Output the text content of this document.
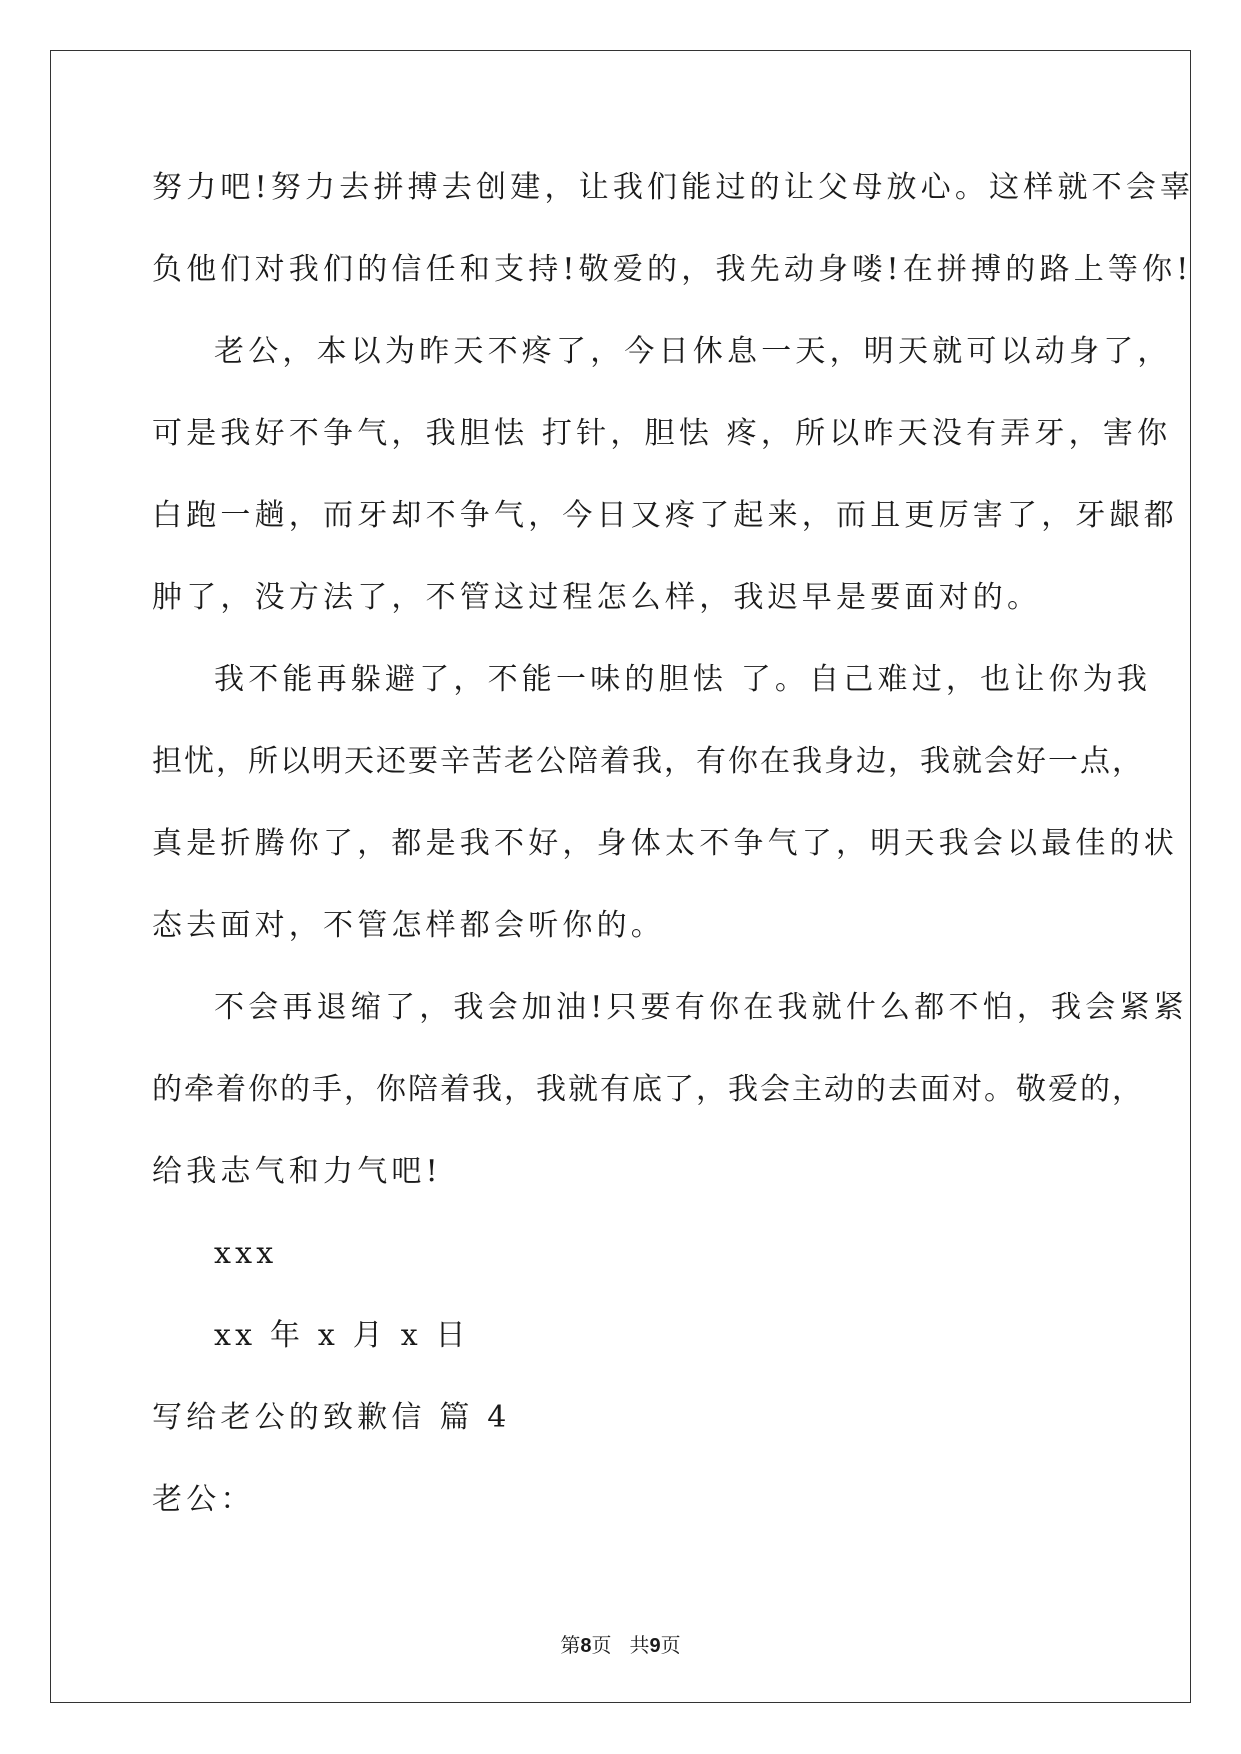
努力吧!努力去拼搏去创建，让我们能过的让父母放心。这样就不会辜
负他们对我们的信任和支持!敬爱的，我先动身喽!在拼搏的路上等你!
老公，本以为昨天不疼了，今日休息一天，明天就可以动身了，
可是我好不争气，我胆怯 打针，胆怯 疼，所以昨天没有弄牙，害你
白跑一趟，而牙却不争气，今日又疼了起来，而且更厉害了，牙龈都
肿了，没方法了，不管这过程怎么样，我迟早是要面对的。
我不能再躲避了，不能一味的胆怯 了。自己难过，也让你为我
担忧，所以明天还要辛苦老公陪着我，有你在我身边，我就会好一点，
真是折腾你了，都是我不好，身体太不争气了，明天我会以最佳的状
态去面对，不管怎样都会听你的。
不会再退缩了，我会加油!只要有你在我就什么都不怕，我会紧紧
的牵着你的手，你陪着我，我就有底了，我会主动的去面对。敬爱的，
给我志气和力气吧!
xxx
xx 年 x 月 x 日
写给老公的致歉信 篇 4
老公：
第8页 共9页
